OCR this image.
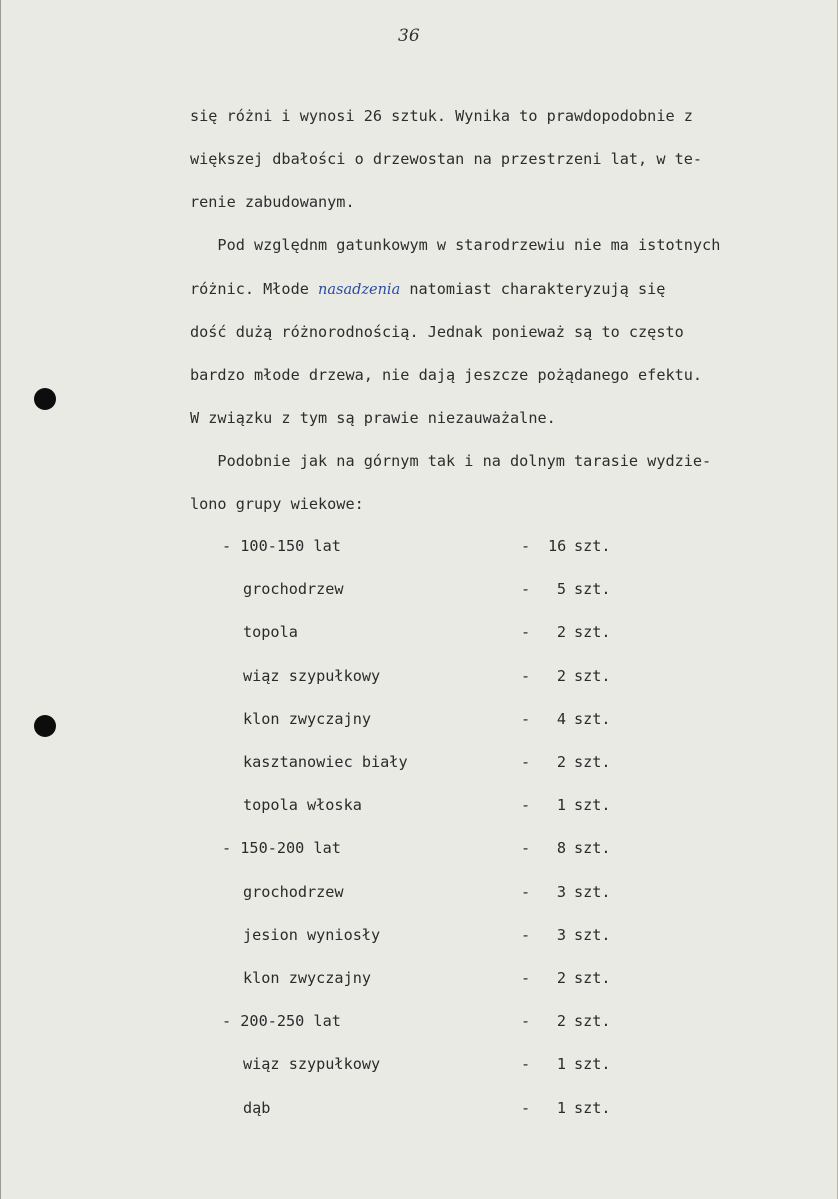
36

się różni i wynosi 26 sztuk. Wynika to prawdopodobnie z

większej dbałości o drzewostan na przestrzeni lat, w te-

renie zabudowanym.

Pod względnm gatunkowym w starodrzewiu nie ma istotnych

różnic. Młode nasadzenia natomiast charakteryzują się

dość dużą różnorodnością. Jednak ponieważ są to często

bardzo młode drzewa, nie dają jeszcze pożądanego efektu.

W związku z tym są prawie niezauważalne.

Podobnie jak na górnym tak i na dolnym tarasie wydzie-

lono grupy wiekowe:

- 100-150 lat	- 16 szt.
grochodrzew	-	5 szt.
topola	-	2 szt.
wiąz szypułkowy	-	2 szt.
klon zwyczajny	-	4 szt.
kasztanowiec biały	-	2 szt.
topola włoska	-	1 szt.
- 150-200 lat	-	8 szt.
grochodrzew	-	3 szt.
jesion wyniosły	-	3 szt.
klon zwyczajny	-	2 szt.
- 200-250 lat	-	2 szt.
wiąz szypułkowy	-	1 szt.
dąb	-	1 szt.
